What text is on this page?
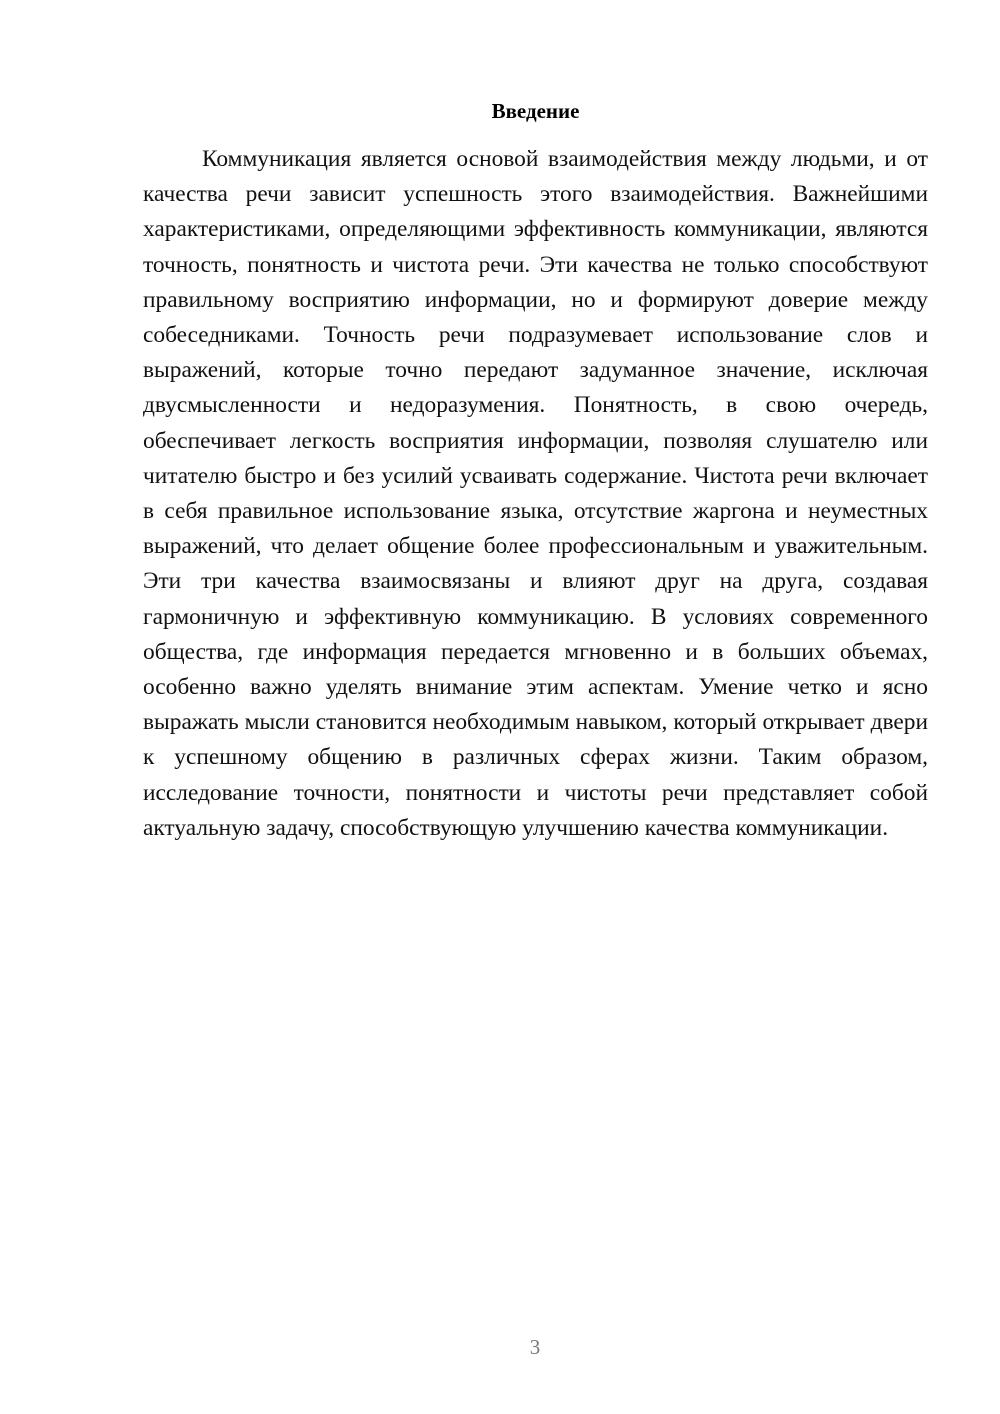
Введение

Коммуникация является основой взаимодействия между людьми, и от качества речи зависит успешность этого взаимодействия. Важнейшими характеристиками, определяющими эффективность коммуникации, являются точность, понятность и чистота речи. Эти качества не только способствуют правильному восприятию информации, но и формируют доверие между собеседниками. Точность речи подразумевает использование слов и выражений, которые точно передают задуманное значение, исключая двусмысленности и недоразумения. Понятность, в свою очередь, обеспечивает легкость восприятия информации, позволяя слушателю или читателю быстро и без усилий усваивать содержание. Чистота речи включает в себя правильное использование языка, отсутствие жаргона и неуместных выражений, что делает общение более профессиональным и уважительным. Эти три качества взаимосвязаны и влияют друг на друга, создавая гармоничную и эффективную коммуникацию. В условиях современного общества, где информация передается мгновенно и в больших объемах, особенно важно уделять внимание этим аспектам. Умение четко и ясно выражать мысли становится необходимым навыком, который открывает двери к успешному общению в различных сферах жизни. Таким образом, исследование точности, понятности и чистоты речи представляет собой актуальную задачу, способствующую улучшению качества коммуникации.

3
